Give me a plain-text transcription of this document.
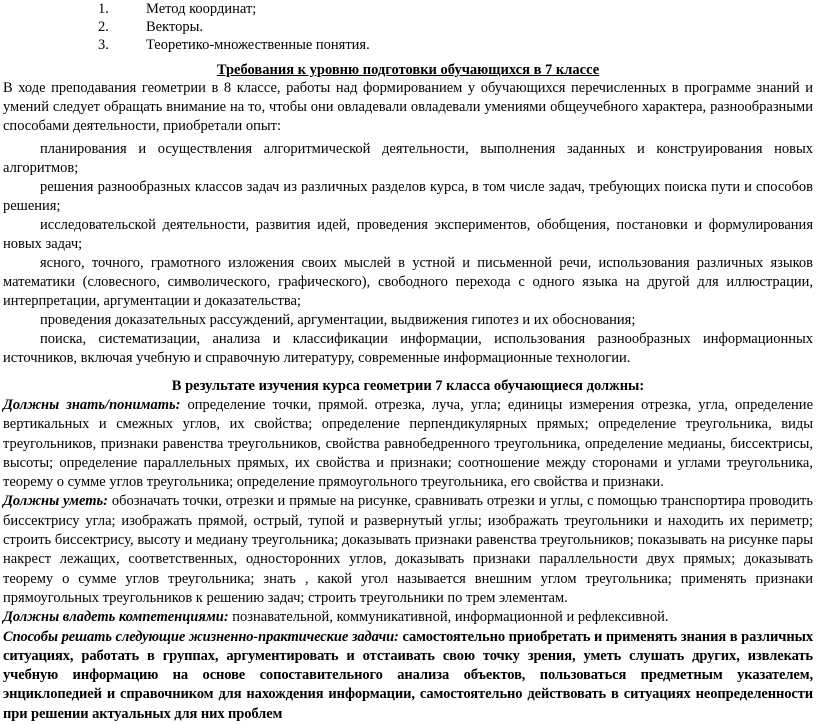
1.	Метод координат;
2.	Векторы.
3.	Теоретико-множественные понятия.
Требования к уровню подготовки обучающихся в 7 классе

В ходе преподавания геометрии в 8 классе, работы над формированием у обучающихся перечисленных в программе знаний и умений следует обращать внимание на то, чтобы они овладевали овладевали умениями общеучебного характера, разнообразными способами деятельности, приобретали опыт:

планирования и осуществления алгоритмической деятельности, выполнения заданных и конструирования новых алгоритмов;

решения разнообразных классов задач из различных разделов курса, в том числе задач, требующих поиска пути и способов решения;

исследовательской деятельности, развития идей, проведения экспериментов, обобщения, постановки и формулирования новых задач;

ясного, точного, грамотного изложения своих мыслей в устной и письменной речи, использования различных языков математики (словесного, символического, графического), свободного перехода с одного языка на другой для иллюстрации, интерпретации, аргументации и доказательства;

проведения доказательных рассуждений, аргументации, выдвижения гипотез и их обоснования;

поиска, систематизации, анализа и классификации информации, использования разнообразных информационных источников, включая учебную и справочную литературу, современные информационные технологии.

В результате изучения курса геометрии 7 класса обучающиеся должны:

Должны знать/понимать: определение точки, прямой. отрезка, луча, угла; единицы измерения отрезка, угла, определение вертикальных и смежных углов, их свойства; определение перпендикулярных прямых; определение треугольника, виды треугольников, признаки равенства треугольников, свойства равнобедренного треугольника, определение медианы, биссектрисы, высоты; определение параллельных прямых, их свойства и признаки; соотношение между сторонами и углами треугольника, теорему о сумме углов треугольника; определение прямоугольного треугольника, его свойства и признаки.

Должны уметь: обозначать точки, отрезки и прямые на рисунке, сравнивать отрезки и углы, с помощью транспортира проводить биссектрису угла; изображать прямой, острый, тупой и развернутый углы; изображать треугольники и находить их периметр; строить биссектрису, высоту и медиану треугольника; доказывать признаки равенства треугольников; показывать на рисунке пары накрест лежащих, соответственных, односторонних углов, доказывать признаки параллельности двух прямых; доказывать теорему о сумме углов треугольника; знать , какой угол называется внешним углом треугольника; применять признаки прямоугольных треугольников к решению задач; строить треугольники по трем элементам.

Должны владеть компетенциями: познавательной, коммуникативной, информационной и рефлексивной.

Способы решать следующие жизненно-практические задачи: самостоятельно приобретать и применять знания в различных ситуациях, работать в группах, аргументировать и отстаивать свою точку зрения, уметь слушать других, извлекать учебную информацию на основе сопоставительного анализа объектов, пользоваться предметным указателем, энциклопедией и справочником для нахождения информации, самостоятельно действовать в ситуациях неопределенности при решении актуальных для них проблем
